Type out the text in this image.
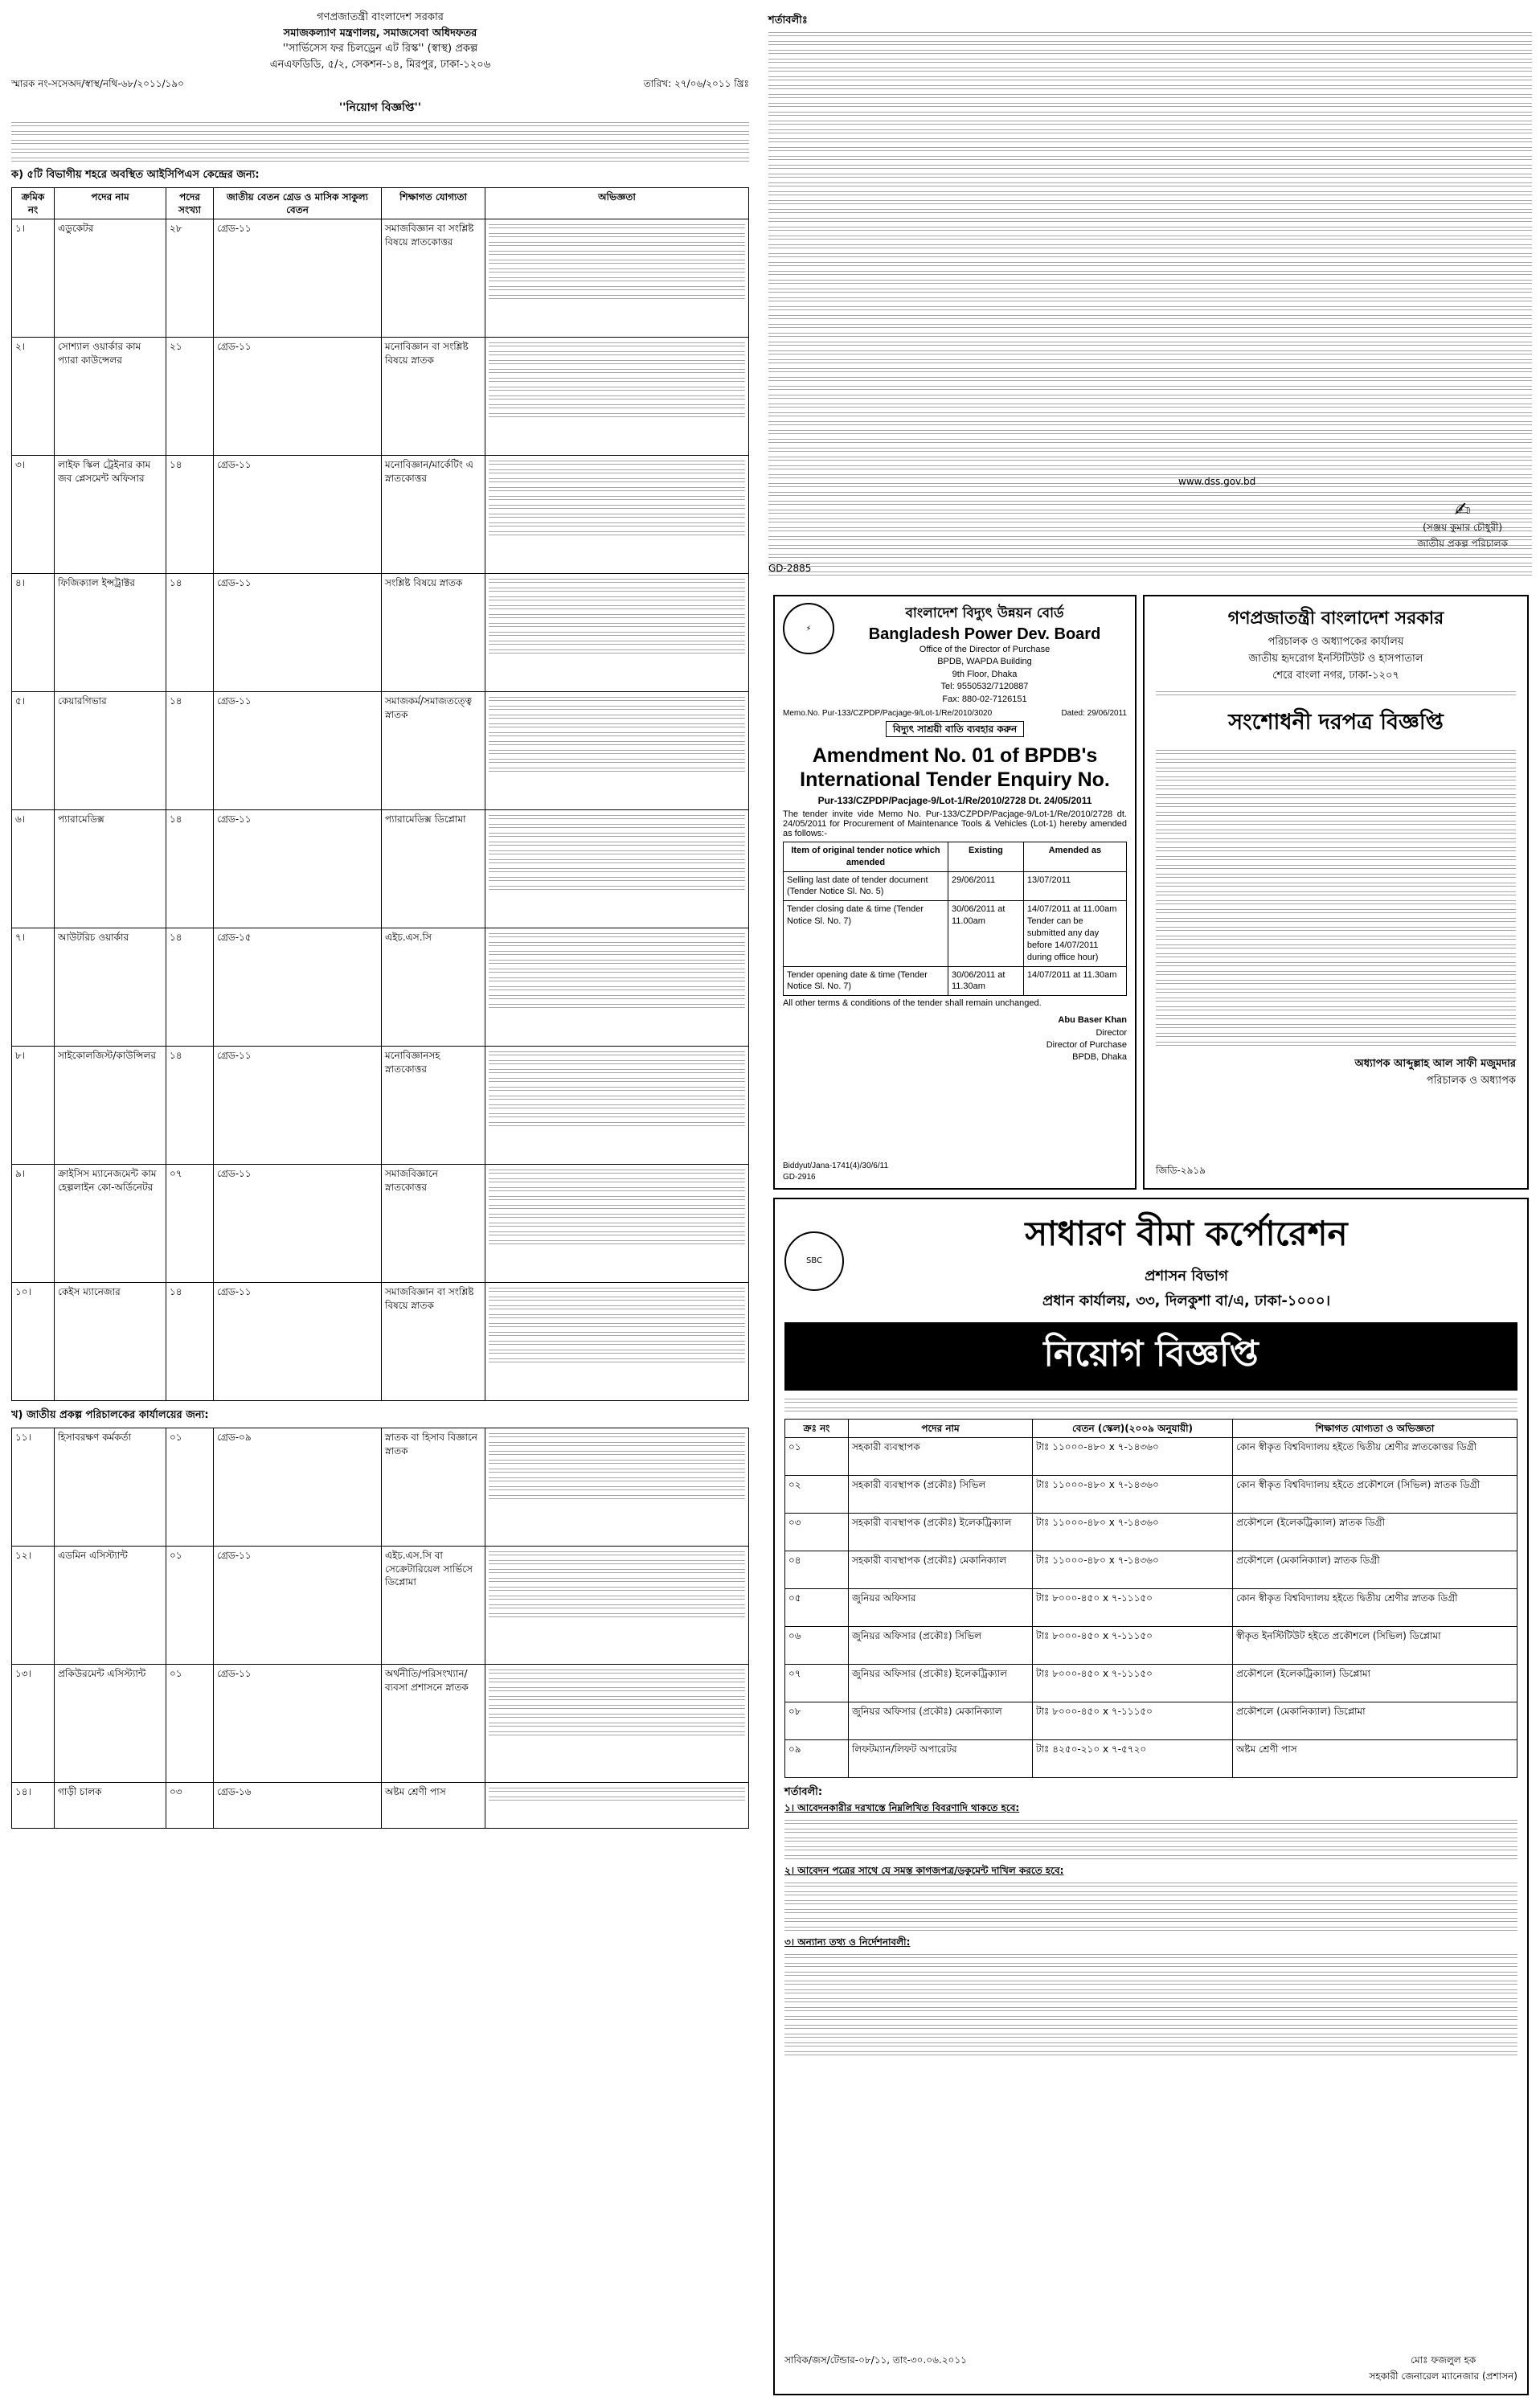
গণপ্রজাতন্ত্রী বাংলাদেশ সরকার
সমাজকল্যাণ মন্ত্রণালয়, সমাজসেবা অধিদফতর
''সার্ভিসেস ফর চিলড্রেন এট রিস্ক'' (স্বাস্থ) প্রকল্প
এনএফডিডি, ৫/২, সেকশন-১৪, মিরপুর, ঢাকা-১২০৬
স্মারক নং-সসেঅদ/স্বাস্থ/নথি-৬৮/২০১১/১৯০	তারিখ: ২৭/০৬/২০১১ খ্রিঃ
''নিয়োগ বিজ্ঞপ্তি''
ক) ৫টি বিভাগীয় শহরে অবস্থিত আইসিপিএস কেন্দ্রের জন্য:
ক্রমিক নং	পদের নাম	পদের সংখ্যা	জাতীয় বেতন গ্রেড ও মাসিক সাকুল্য বেতন	শিক্ষাগত যোগ্যতা	অভিজ্ঞতা
১।	এডুকেটর	২৮	গ্রেড-১১	সমাজবিজ্ঞান বা সংশ্লিষ্ট বিষয়ে স্নাতকোত্তর	

২।	সোশ্যাল ওয়ার্কার কাম প্যারা কাউন্সেলর	২১	গ্রেড-১১	মনোবিজ্ঞান বা সংশ্লিষ্ট বিষয়ে স্নাতক	

৩।	লাইফ স্কিল ট্রেইনার কাম জব প্লেসমেন্ট অফিসার	১৪	গ্রেড-১১	মনোবিজ্ঞান/মার্কেটিং এ স্নাতকোত্তর	

৪।	ফিজিক্যাল ইন্সট্রাক্টর	১৪	গ্রেড-১১	সংশ্লিষ্ট বিষয়ে স্নাতক	

৫।	কেয়ারগিভার	১৪	গ্রেড-১১	সমাজকর্ম/সমাজতত্ত্বে স্নাতক	

৬।	প্যারামেডিক্স	১৪	গ্রেড-১১	প্যারামেডিক্স ডিপ্লোমা	

৭।	আউটরিচ ওয়ার্কার	১৪	গ্রেড-১৫	এইচ.এস.সি	

৮।	সাইকোলজিস্ট/কাউন্সিলর	১৪	গ্রেড-১১	মনোবিজ্ঞানসহ স্নাতকোত্তর	

৯।	ক্রাইসিস ম্যানেজমেন্ট কাম হেল্পলাইন কো-অর্ডিনেটর	০৭	গ্রেড-১১	সমাজবিজ্ঞানে স্নাতকোত্তর	

১০।	কেইস ম্যানেজার	১৪	গ্রেড-১১	সমাজবিজ্ঞান বা সংশ্লিষ্ট বিষয়ে স্নাতক	
খ) জাতীয় প্রকল্প পরিচালকের কার্যালয়ের জন্য:
১১।	হিসাবরক্ষণ কর্মকর্তা	০১	গ্রেড-০৯	স্নাতক বা হিসাব বিজ্ঞানে স্নাতক	

১২।	এডমিন এসিস্ট্যান্ট	০১	গ্রেড-১১	এইচ.এস.সি বা সেক্রেটারিয়েল সার্ভিসে ডিপ্লোমা	

১৩।	প্রকিউরমেন্ট এসিস্ট্যান্ট	০১	গ্রেড-১১	অর্থনীতি/পরিসংখ্যান/ব্যবসা প্রশাসনে স্নাতক	

১৪।	গাড়ী চালক	০৩	গ্রেড-১৬	অষ্টম শ্রেণী পাস	
শর্তাবলীঃ
www.dss.gov.bd
✍
(সঞ্জয় কুমার চৌধুরী)
জাতীয় প্রকল্প পরিচালক
GD-2885
⚡
বাংলাদেশ বিদ্যুৎ উন্নয়ন বোর্ড
Bangladesh Power Dev. Board
Office of the Director of Purchase
BPDB, WAPDA Building
9th Floor, Dhaka
Tel: 9550532/7120887
Fax: 880-02-7126151
Memo.No. Pur-133/CZPDP/Pacjage-9/Lot-1/Re/2010/3020	Dated: 29/06/2011
বিদ্যুৎ সাশ্রয়ী বাতি ব্যবহার করুন
Amendment No. 01 of BPDB's International Tender Enquiry No.
Pur-133/CZPDP/Pacjage-9/Lot-1/Re/2010/2728 Dt. 24/05/2011
The tender invite vide Memo No. Pur-133/CZPDP/Pacjage-9/Lot-1/Re/2010/2728 dt. 24/05/2011 for Procurement of Maintenance Tools & Vehicles (Lot-1) hereby amended as follows:-
Item of original tender notice which amended	Existing	Amended as
Selling last date of tender document (Tender Notice Sl. No. 5)	29/06/2011	13/07/2011
Tender closing date & time (Tender Notice Sl. No. 7)	30/06/2011 at 11.00am	14/07/2011 at 11.00am Tender can be submitted any day before 14/07/2011 during office hour)
Tender opening date & time (Tender Notice Sl. No. 7)	30/06/2011 at 11.30am	14/07/2011 at 11.30am
All other terms & conditions of the tender shall remain unchanged.
Abu Baser Khan
Director
Director of Purchase
BPDB, Dhaka
Biddyut/Jana-1741(4)/30/6/11
GD-2916
গণপ্রজাতন্ত্রী বাংলাদেশ সরকার
পরিচালক ও অধ্যাপকের কার্যালয়
জাতীয় হৃদরোগ ইনস্টিটিউট ও হাসপাতাল
শেরে বাংলা নগর, ঢাকা-১২০৭
সংশোধনী দরপত্র বিজ্ঞপ্তি
অধ্যাপক আব্দুল্লাহ আল সাফী মজুমদার
পরিচালক ও অধ্যাপক
জিডি-২৯১৯
SBC
সাধারণ বীমা কর্পোরেশন
প্রশাসন বিভাগ
প্রধান কার্যালয়, ৩৩, দিলকুশা বা/এ, ঢাকা-১০০০।
নিয়োগ বিজ্ঞপ্তি
ক্রঃ নং	পদের নাম	বেতন (স্কেল)(২০০৯ অনুযায়ী)	শিক্ষাগত যোগ্যতা ও অভিজ্ঞতা
০১	সহকারী ব্যবস্থাপক	টাঃ ১১০০০-৪৮০ x ৭-১৪৩৬০	কোন স্বীকৃত বিশ্ববিদ্যালয় হইতে দ্বিতীয় শ্রেণীর স্নাতকোত্তর ডিগ্রী
০২	সহকারী ব্যবস্থাপক (প্রকৌঃ) সিভিল	টাঃ ১১০০০-৪৮০ x ৭-১৪৩৬০	কোন স্বীকৃত বিশ্ববিদ্যালয় হইতে প্রকৌশলে (সিভিল) স্নাতক ডিগ্রী
০৩	সহকারী ব্যবস্থাপক (প্রকৌঃ) ইলেকট্রিক্যাল	টাঃ ১১০০০-৪৮০ x ৭-১৪৩৬০	প্রকৌশলে (ইলেকট্রিক্যাল) স্নাতক ডিগ্রী
০৪	সহকারী ব্যবস্থাপক (প্রকৌঃ) মেকানিক্যাল	টাঃ ১১০০০-৪৮০ x ৭-১৪৩৬০	প্রকৌশলে (মেকানিক্যাল) স্নাতক ডিগ্রী
০৫	জুনিয়র অফিসার	টাঃ ৮০০০-৪৫০ x ৭-১১১৫০	কোন স্বীকৃত বিশ্ববিদ্যালয় হইতে দ্বিতীয় শ্রেণীর স্নাতক ডিগ্রী
০৬	জুনিয়র অফিসার (প্রকৌঃ) সিভিল	টাঃ ৮০০০-৪৫০ x ৭-১১১৫০	স্বীকৃত ইনস্টিটিউট হইতে প্রকৌশলে (সিভিল) ডিপ্লোমা
০৭	জুনিয়র অফিসার (প্রকৌঃ) ইলেকট্রিক্যাল	টাঃ ৮০০০-৪৫০ x ৭-১১১৫০	প্রকৌশলে (ইলেকট্রিক্যাল) ডিপ্লোমা
০৮	জুনিয়র অফিসার (প্রকৌঃ) মেকানিক্যাল	টাঃ ৮০০০-৪৫০ x ৭-১১১৫০	প্রকৌশলে (মেকানিক্যাল) ডিপ্লোমা
০৯	লিফটম্যান/লিফট অপারেটর	টাঃ ৪২৫০-২১০ x ৭-৫৭২০	অষ্টম শ্রেণী পাস
শর্তাবলী:
১। আবেদনকারীর দরখাস্তে নিম্নলিখিত বিবরণাদি থাকতে হবে:
২। আবেদন পত্রের সাথে যে সমস্ত কাগজপত্র/ডকুমেন্ট দাখিল করতে হবে:
৩। অন্যান্য তথ্য ও নির্দেশনাবলী:
সাবিক/জস/টেন্ডার-০৮/১১, তাং-৩০.০৬.২০১১	মোঃ ফজলুল হক
সহকারী জেনারেল ম্যানেজার (প্রশাসন)
